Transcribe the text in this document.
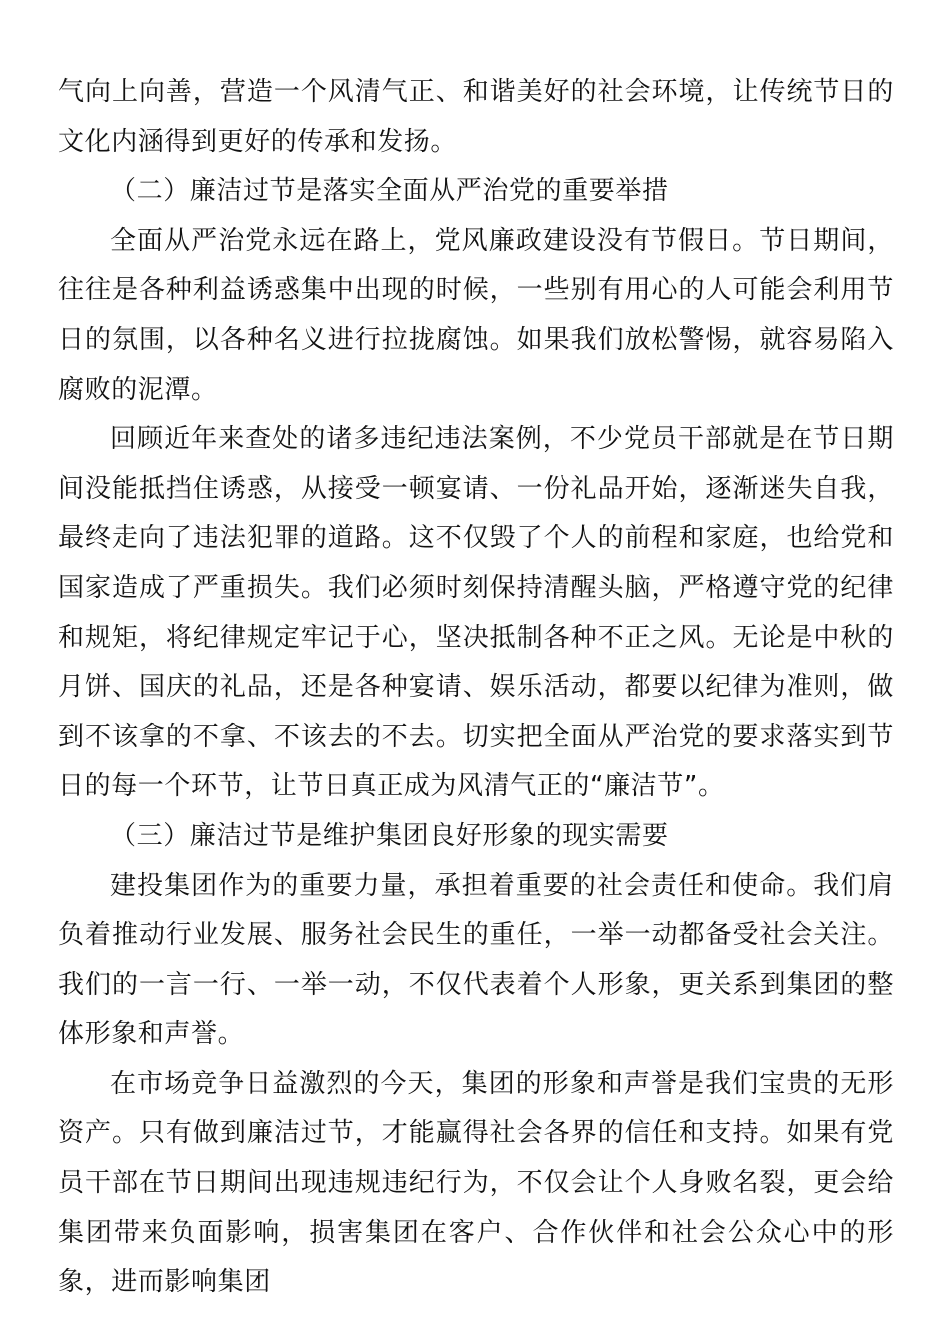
气向上向善，营造一个风清气正、和谐美好的社会环境，让传统节日的文化内涵得到更好的传承和发扬。

（二）廉洁过节是落实全面从严治党的重要举措

全面从严治党永远在路上，党风廉政建设没有节假日。节日期间，往往是各种利益诱惑集中出现的时候，一些别有用心的人可能会利用节日的氛围，以各种名义进行拉拢腐蚀。如果我们放松警惕，就容易陷入腐败的泥潭。

回顾近年来查处的诸多违纪违法案例，不少党员干部就是在节日期间没能抵挡住诱惑，从接受一顿宴请、一份礼品开始，逐渐迷失自我，最终走向了违法犯罪的道路。这不仅毁了个人的前程和家庭，也给党和国家造成了严重损失。我们必须时刻保持清醒头脑，严格遵守党的纪律和规矩，将纪律规定牢记于心，坚决抵制各种不正之风。无论是中秋的月饼、国庆的礼品，还是各种宴请、娱乐活动，都要以纪律为准则，做到不该拿的不拿、不该去的不去。切实把全面从严治党的要求落实到节日的每一个环节，让节日真正成为风清气正的“廉洁节”。

（三）廉洁过节是维护集团良好形象的现实需要

建投集团作为的重要力量，承担着重要的社会责任和使命。我们肩负着推动行业发展、服务社会民生的重任，一举一动都备受社会关注。我们的一言一行、一举一动，不仅代表着个人形象，更关系到集团的整体形象和声誉。

在市场竞争日益激烈的今天，集团的形象和声誉是我们宝贵的无形资产。只有做到廉洁过节，才能赢得社会各界的信任和支持。如果有党员干部在节日期间出现违规违纪行为，不仅会让个人身败名裂，更会给集团带来负面影响，损害集团在客户、合作伙伴和社会公众心中的形象，进而影响集团
